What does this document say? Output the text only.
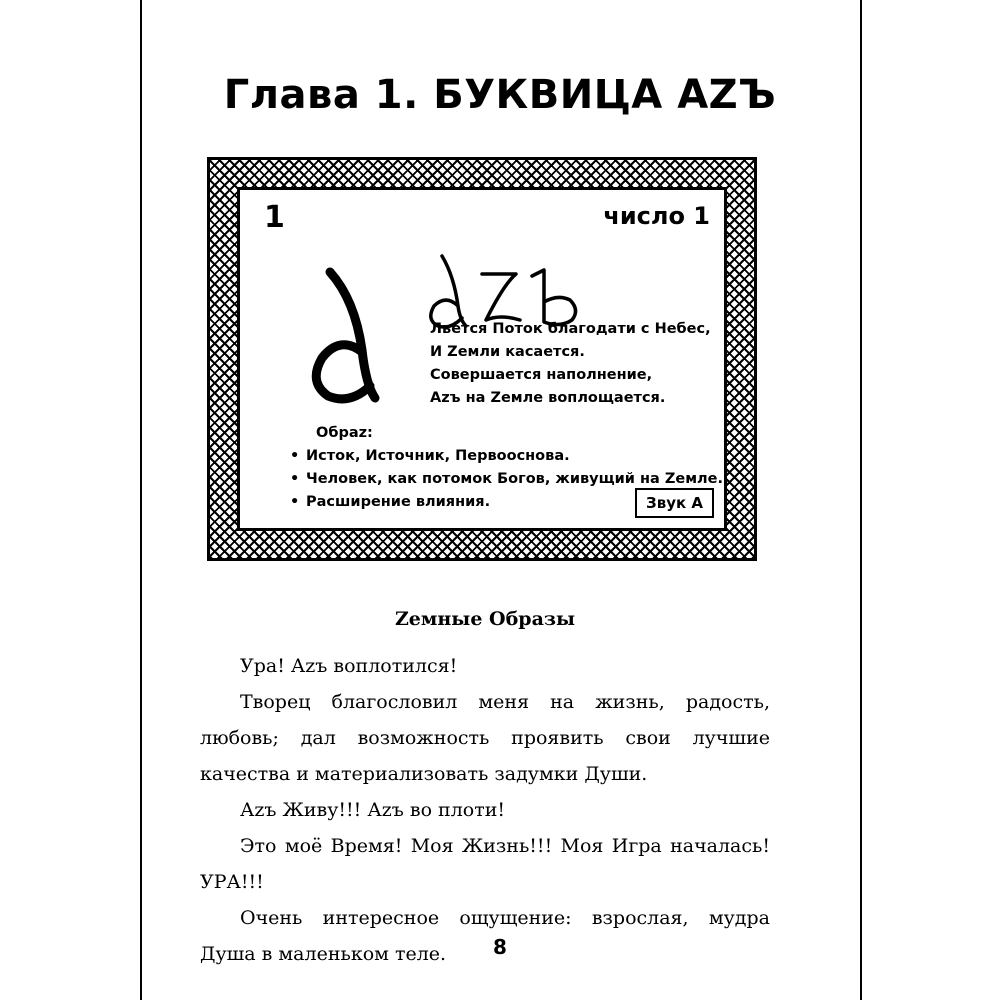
Глава 1. БУКВИЦА АZЪ
1	число 1
Льётся Поток благодати с Небес,
И Zемли касается.
Совершается наполнение,
Аzъ на Zемле воплощается.
Обраz:
• Исток, Источник, Первооснова.
• Человек, как потомок Богов, живущий на Zемле.
• Расширение влияния.	Звук А
Zемные Образы

Ура! Аzъ воплотился!

Творец благословил меня на жизнь, радость, любовь; дал возможность проявить свои лучшие качества и материализовать задумки Души.

Аzъ Живу!!! Аzъ во плоти!

Это моё Время! Моя Жизнь!!! Моя Игра началась! УРА!!!

Очень интересное ощущение: взрослая, мудра Душа в маленьком теле.	8
